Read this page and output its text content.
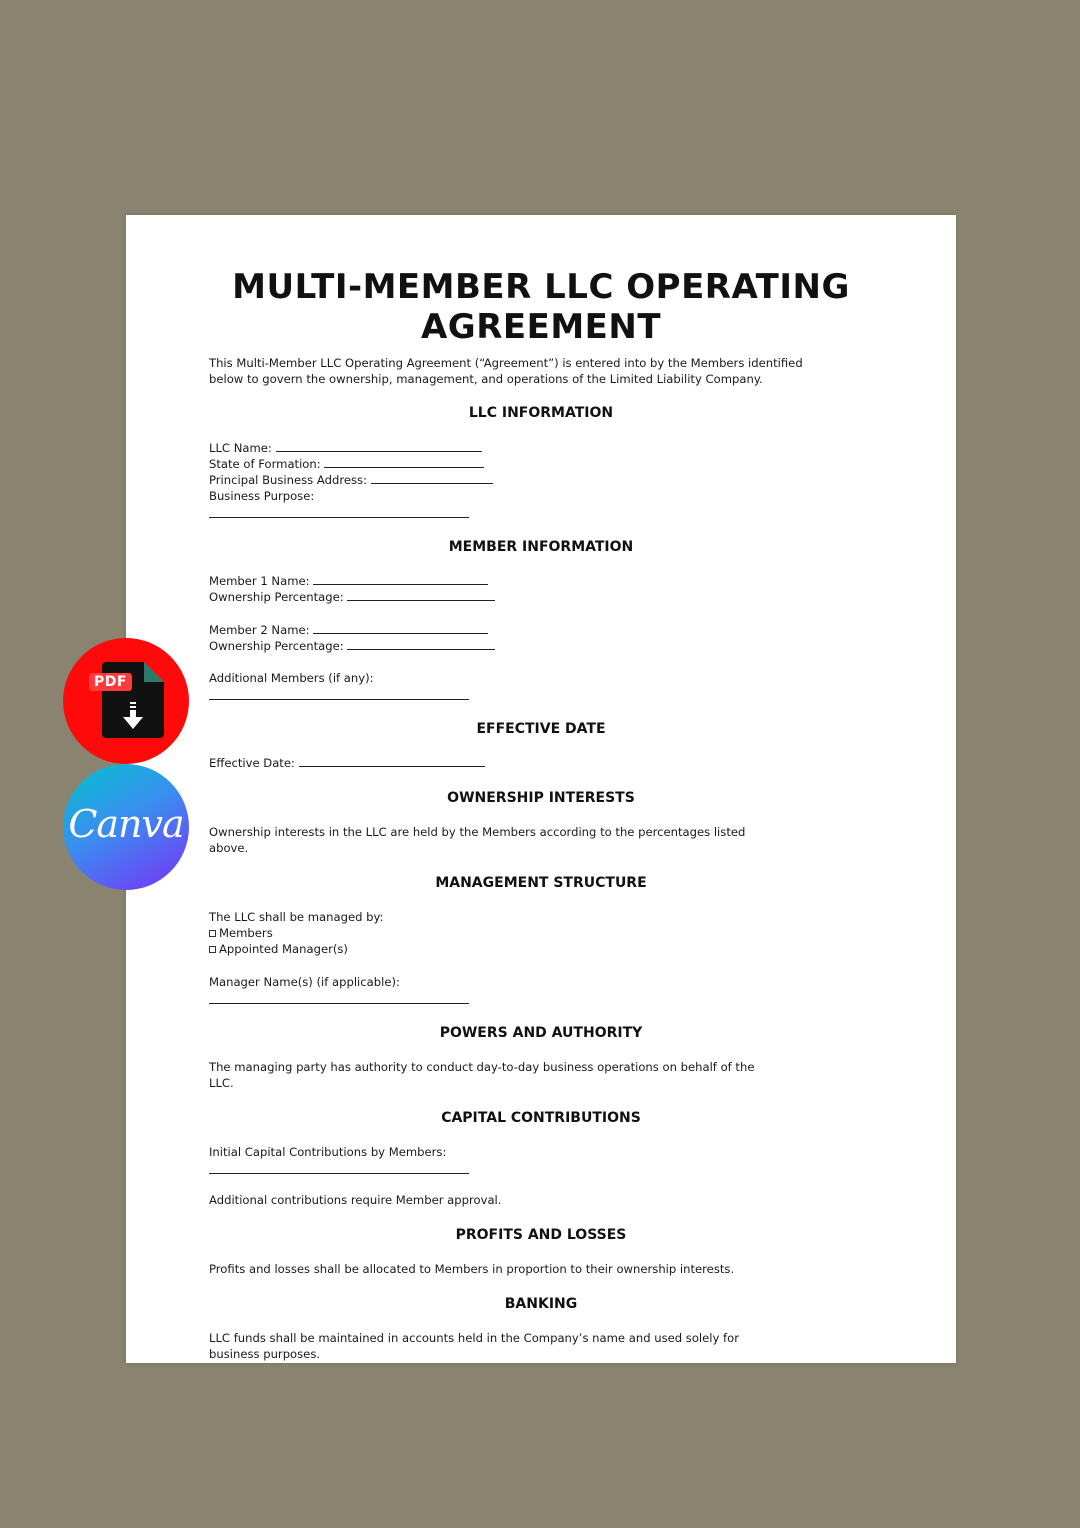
MULTI-MEMBER LLC OPERATING AGREEMENT
This Multi-Member LLC Operating Agreement (“Agreement”) is entered into by the Members identified
below to govern the ownership, management, and operations of the Limited Liability Company.
LLC INFORMATION
LLC Name:
State of Formation:
Principal Business Address:
Business Purpose:
MEMBER INFORMATION
Member 1 Name:
Ownership Percentage:
Member 2 Name:
Ownership Percentage:
Additional Members (if any):
EFFECTIVE DATE
Effective Date:
OWNERSHIP INTERESTS
Ownership interests in the LLC are held by the Members according to the percentages listed
above.
MANAGEMENT STRUCTURE
The LLC shall be managed by:
Members
Appointed Manager(s)
Manager Name(s) (if applicable):
POWERS AND AUTHORITY
The managing party has authority to conduct day-to-day business operations on behalf of the
LLC.
CAPITAL CONTRIBUTIONS
Initial Capital Contributions by Members:
Additional contributions require Member approval.
PROFITS AND LOSSES
Profits and losses shall be allocated to Members in proportion to their ownership interests.
BANKING
LLC funds shall be maintained in accounts held in the Company’s name and used solely for
business purposes.
PDF
Canva
